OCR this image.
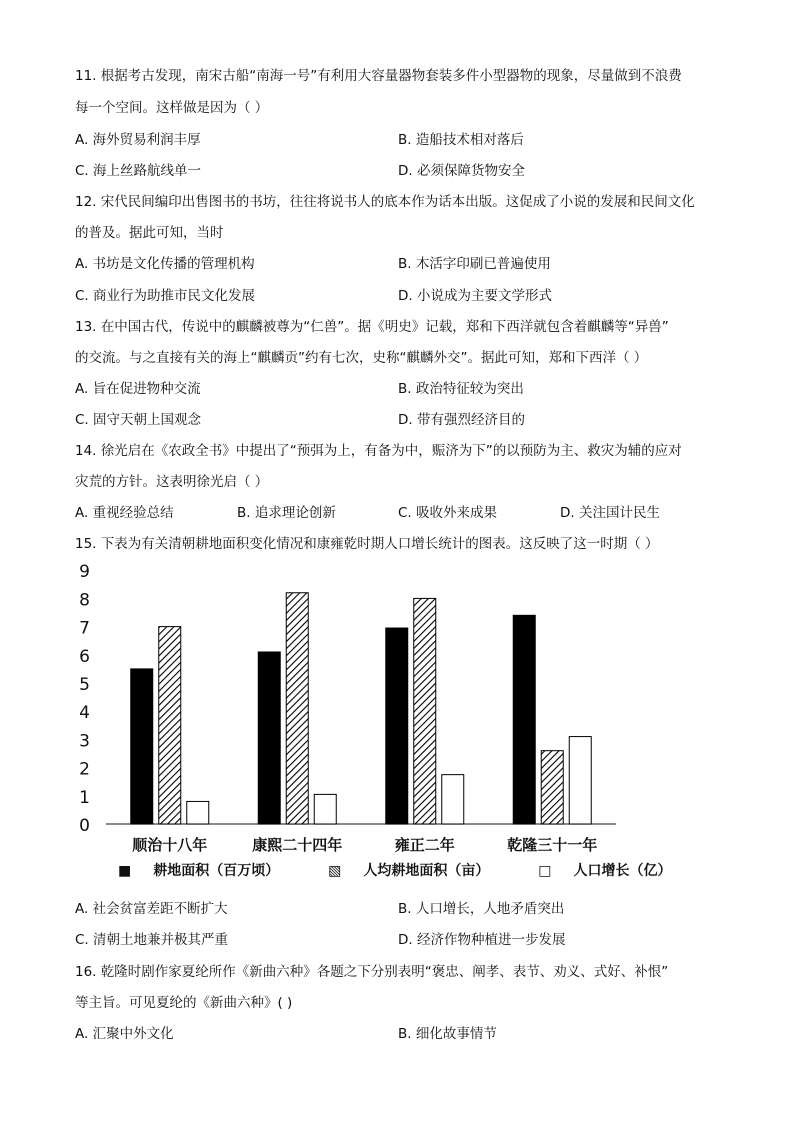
11. 根据考古发现，南宋古船“南海一号”有利用大容量器物套装多件小型器物的现象，尽量做到不浪费
每一个空间。这样做是因为（ ）
A. 海外贸易利润丰厚	B. 造船技术相对落后
C. 海上丝路航线单一	D. 必须保障货物安全
12. 宋代民间编印出售图书的书坊，往往将说书人的底本作为话本出版。这促成了小说的发展和民间文化
的普及。据此可知，当时
A. 书坊是文化传播的管理机构	B. 木活字印刷已普遍使用
C. 商业行为助推市民文化发展	D. 小说成为主要文学形式
13. 在中国古代，传说中的麒麟被尊为“仁兽”。据《明史》记载，郑和下西洋就包含着麒麟等“异兽”
的交流。与之直接有关的海上“麒麟贡”约有七次，史称“麒麟外交”。据此可知，郑和下西洋（ ）
A. 旨在促进物种交流	B. 政治特征较为突出
C. 固守天朝上国观念	D. 带有强烈经济目的
14. 徐光启在《农政全书》中提出了“预弭为上，有备为中，赈济为下”的以预防为主、救灾为辅的应对
灾荒的方针。这表明徐光启（ ）
A. 重视经验总结	B. 追求理论创新	C. 吸收外来成果	D. 关注国计民生
15. 下表为有关清朝耕地面积变化情况和康雍乾时期人口增长统计的图表。这反映了这一时期（ ）
0
1
2
3
4
5
6
7
8
9
顺治十八年	康熙二十四年	雍正二年	乾隆三十一年
■ 耕地面积（百万顷）	▧ 人均耕地面积（亩）	□ 人口增长（亿）
A. 社会贫富差距不断扩大	B. 人口增长，人地矛盾突出
C. 清朝土地兼并极其严重	D. 经济作物种植进一步发展
16. 乾隆时剧作家夏纶所作《新曲六种》各题之下分别表明“褒忠、阐孝、表节、劝义、式好、补恨”
等主旨。可见夏纶的《新曲六种》( )
A. 汇聚中外文化	B. 细化故事情节
